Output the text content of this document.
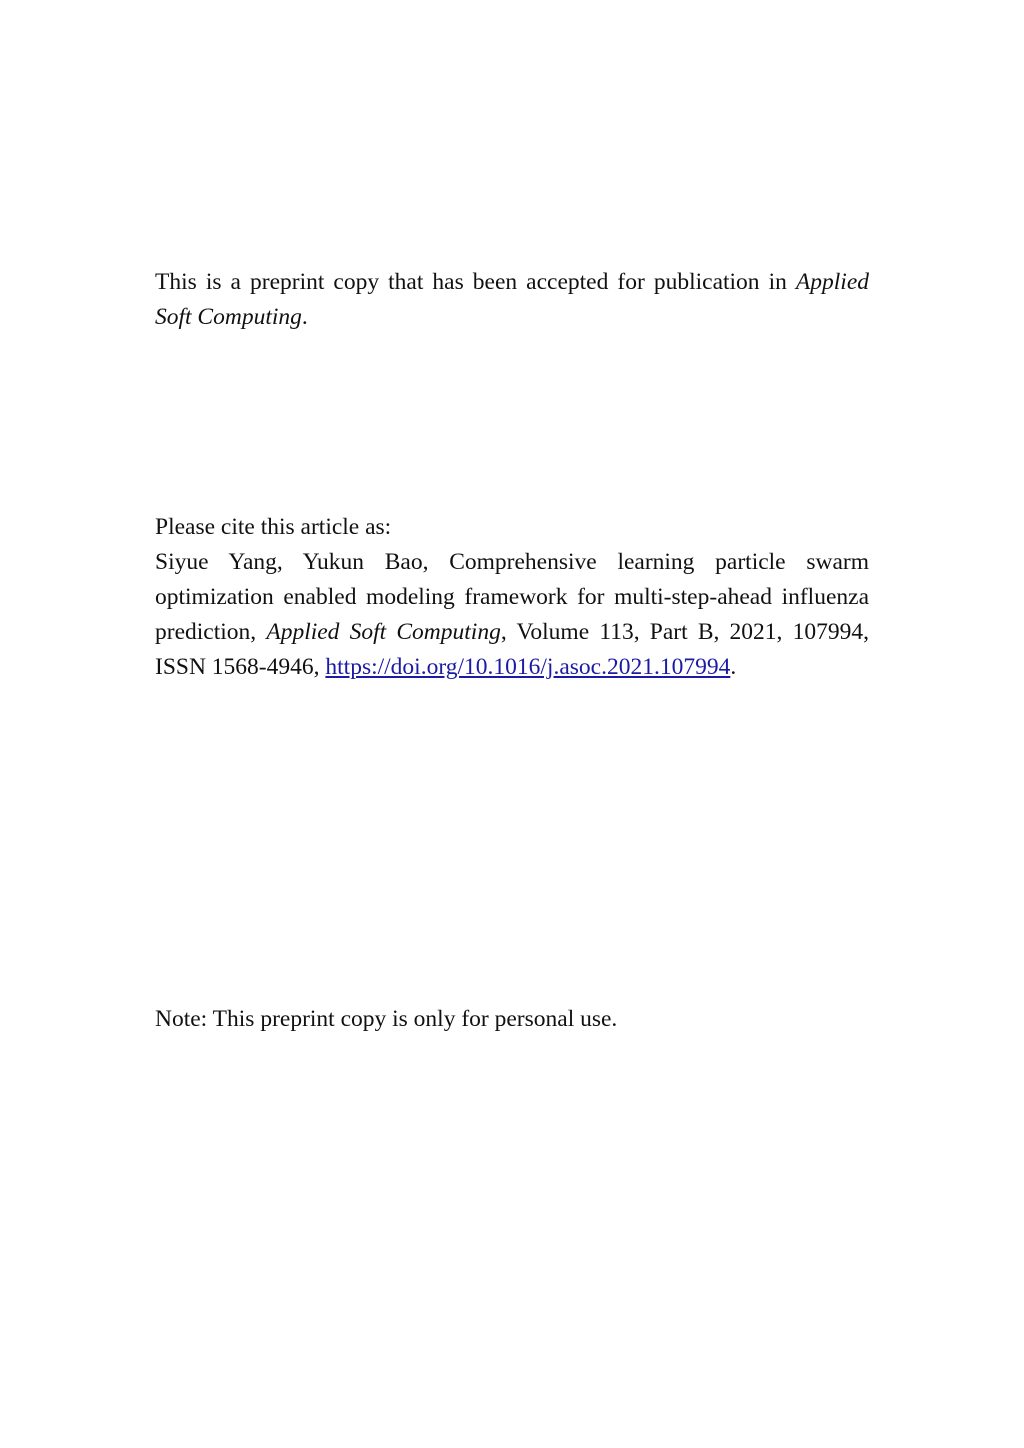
This is a preprint copy that has been accepted for publication in Applied Soft Computing.

Please cite this article as:

Siyue Yang, Yukun Bao, Comprehensive learning particle swarm optimization enabled modeling framework for multi-step-ahead influenza prediction, Applied Soft Computing, Volume 113, Part B, 2021, 107994, ISSN 1568-4946, https://doi.org/10.1016/j.asoc.2021.107994.

Note: This preprint copy is only for personal use.
